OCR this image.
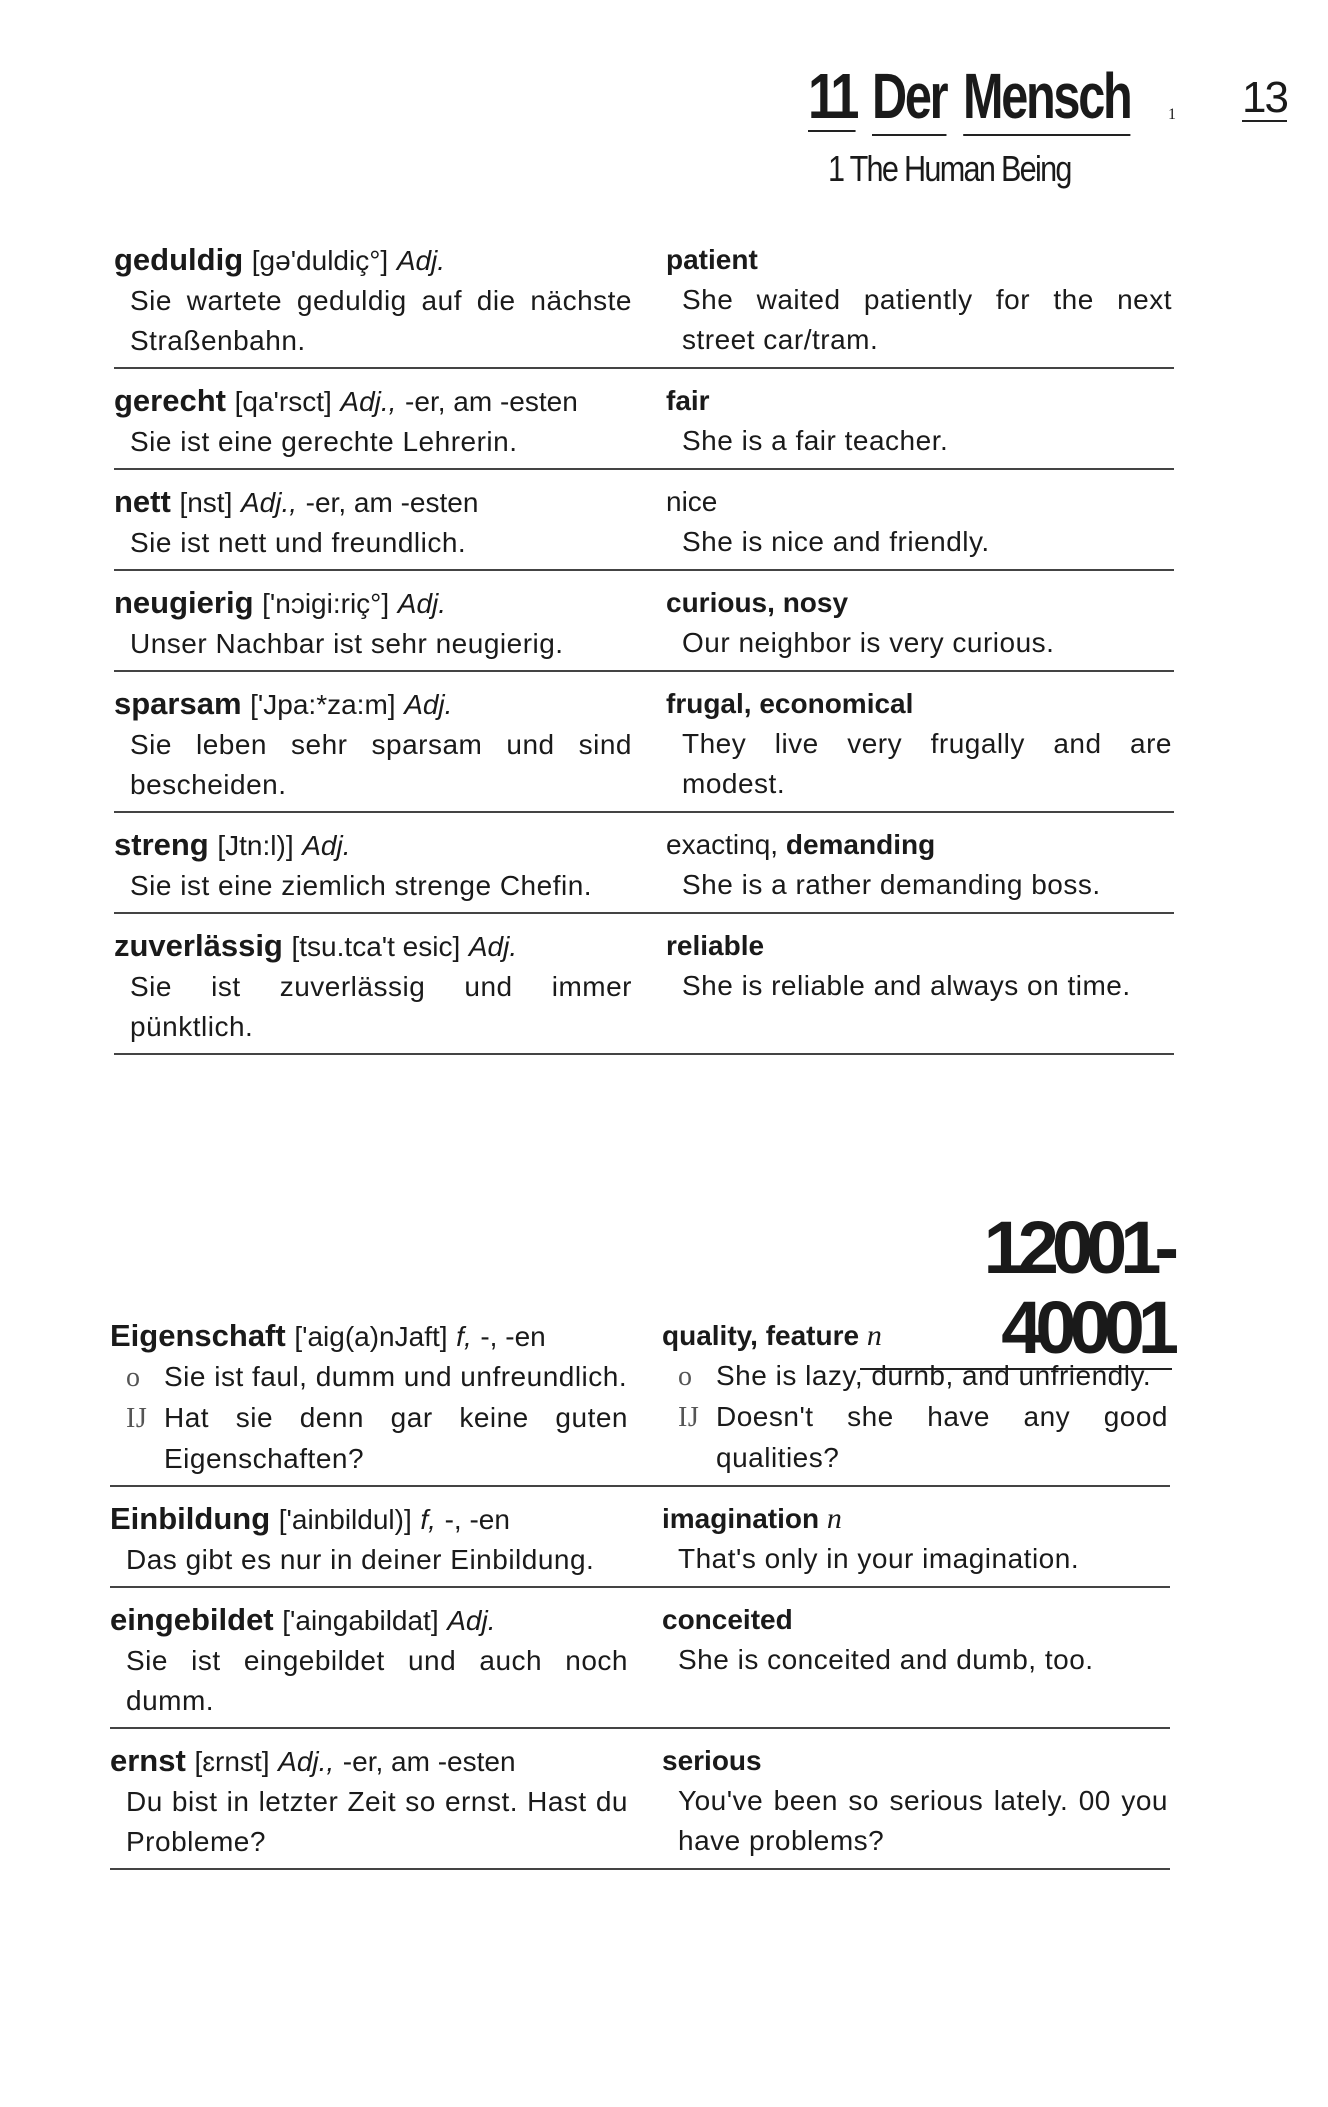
11 Der Mensch	1 13
1 The Human Being
geduldig [gə'duldiç°] Adj.
Sie wartete geduldig auf die nächste Straßenbahn.
patient
She waited patiently for the next street car/tram.
gerecht [qa'rsct] Adj., -er, am -esten
Sie ist eine gerechte Lehrerin.
fair
She is a fair teacher.
nett [nst] Adj., -er, am -esten
Sie ist nett und freundlich.
nice
She is nice and friendly.
neugierig ['nɔigi:riç°] Adj.
Unser Nachbar ist sehr neugierig.
curious, nosy
Our neighbor is very curious.
sparsam ['Jpa:*za:m] Adj.
Sie leben sehr sparsam und sind bescheiden.
frugal, economical
They live very frugally and are modest.
streng [Jtn:l)] Adj.
Sie ist eine ziemlich strenge Chefin.
exactinq, demanding
She is a rather demanding boss.
zuverlässig [tsu.tca't esic] Adj.
Sie ist zuverlässig und immer pünktlich.
reliable
She is reliable and always on time.
12001-40001
Eigenschaft ['aig(a)nJaft] f, -, -en
o Sie ist faul, dumm und unfreundlich.
IJ Hat sie denn gar keine guten Eigenschaften?
quality, feature n
o She is lazy, durnb, and unfriendly.
IJ Doesn't she have any good qualities?
Einbildung ['ainbildul)] f, -, -en
Das gibt es nur in deiner Einbildung.
imagination n
That's only in your imagination.
eingebildet ['aingabildat] Adj.
Sie ist eingebildet und auch noch dumm.
conceited
She is conceited and dumb, too.
ernst [ɛrnst] Adj., -er, am -esten
Du bist in letzter Zeit so ernst. Hast du Probleme?
serious
You've been so serious lately. 00 you have problems?
